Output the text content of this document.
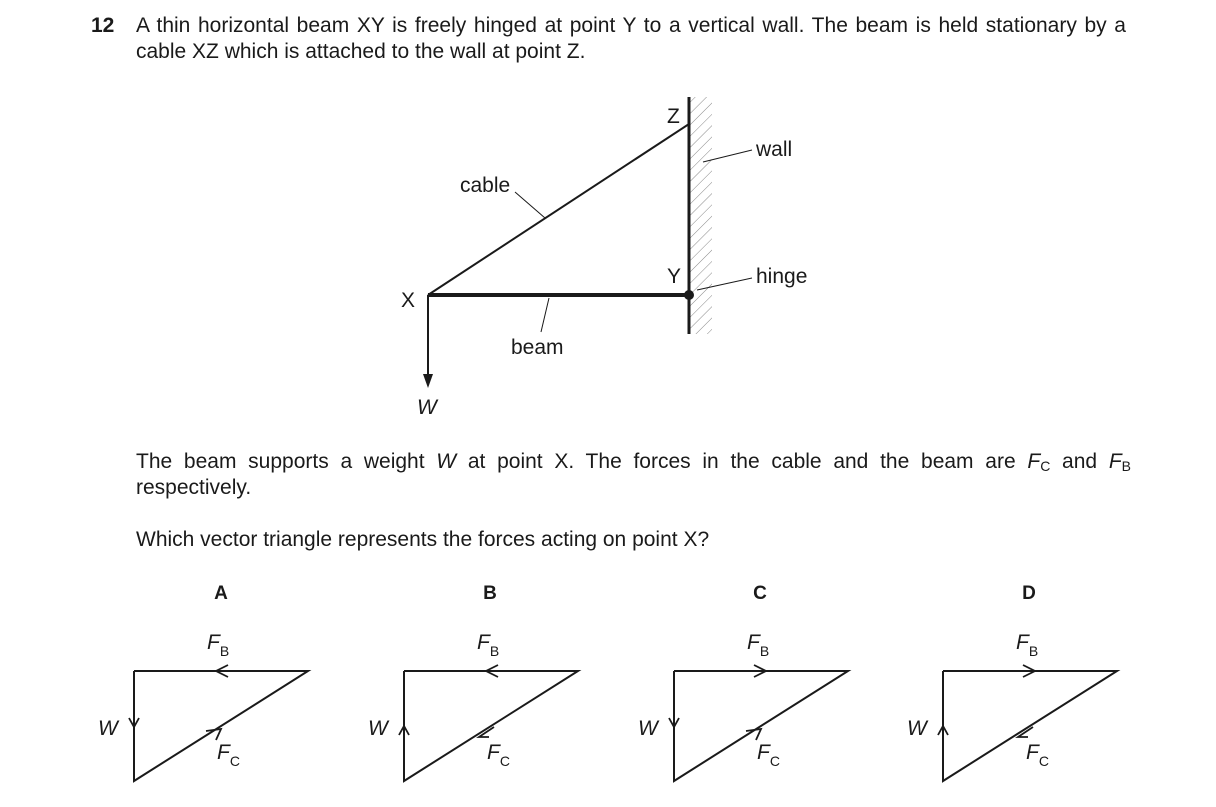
12 A thin horizontal beam XY is freely hinged at point Y to a vertical wall. The beam is held stationary by a cable XZ which is attached to the wall at point Z.
X
Y
Z
cable
wall
hinge
beam
W
A
$F_B$
$F_C$
W
B
$F_B$
$F_C$
W
C
$F_B$
$F_C$
W
D
$F_B$
$F_C$
W
The beam supports a weight W at point X. The forces in the cable and the beam are $F_C$ and $F_B$ respectively.
Which vector triangle represents the forces acting on point X?
